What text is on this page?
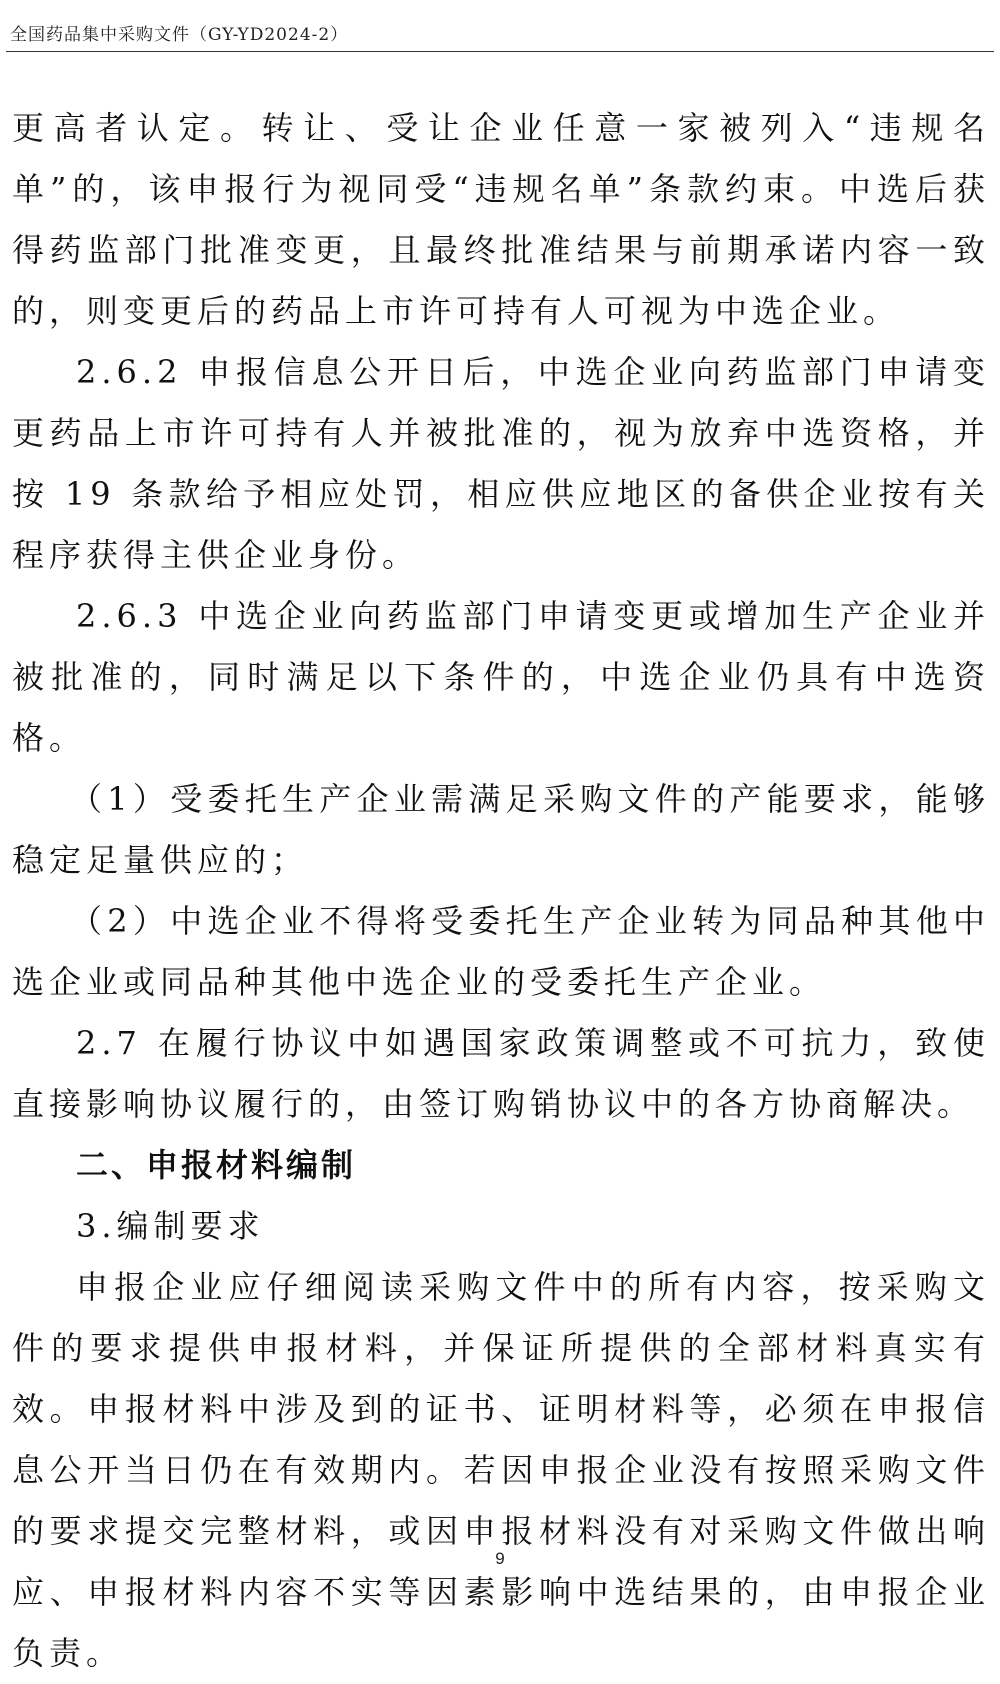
全国药品集中采购文件（GY-YD2024-2）

更高者认定。转让、受让企业任意一家被列入“违规名单”的，该申报行为视同受“违规名单”条款约束。中选后获得药监部门批准变更，且最终批准结果与前期承诺内容一致的，则变更后的药品上市许可持有人可视为中选企业。

2.6.2 申报信息公开日后，中选企业向药监部门申请变更药品上市许可持有人并被批准的，视为放弃中选资格，并按 19 条款给予相应处罚，相应供应地区的备供企业按有关程序获得主供企业身份。

2.6.3 中选企业向药监部门申请变更或增加生产企业并被批准的，同时满足以下条件的，中选企业仍具有中选资格。

（1）受委托生产企业需满足采购文件的产能要求，能够稳定足量供应的；

（2）中选企业不得将受委托生产企业转为同品种其他中选企业或同品种其他中选企业的受委托生产企业。

2.7 在履行协议中如遇国家政策调整或不可抗力，致使直接影响协议履行的，由签订购销协议中的各方协商解决。

二、申报材料编制

3.编制要求

申报企业应仔细阅读采购文件中的所有内容，按采购文件的要求提供申报材料，并保证所提供的全部材料真实有效。申报材料中涉及到的证书、证明材料等，必须在申报信息公开当日仍在有效期内。若因申报企业没有按照采购文件的要求提交完整材料，或因申报材料没有对采购文件做出响应、申报材料内容不实等因素影响中选结果的，由申报企业负责。

9
